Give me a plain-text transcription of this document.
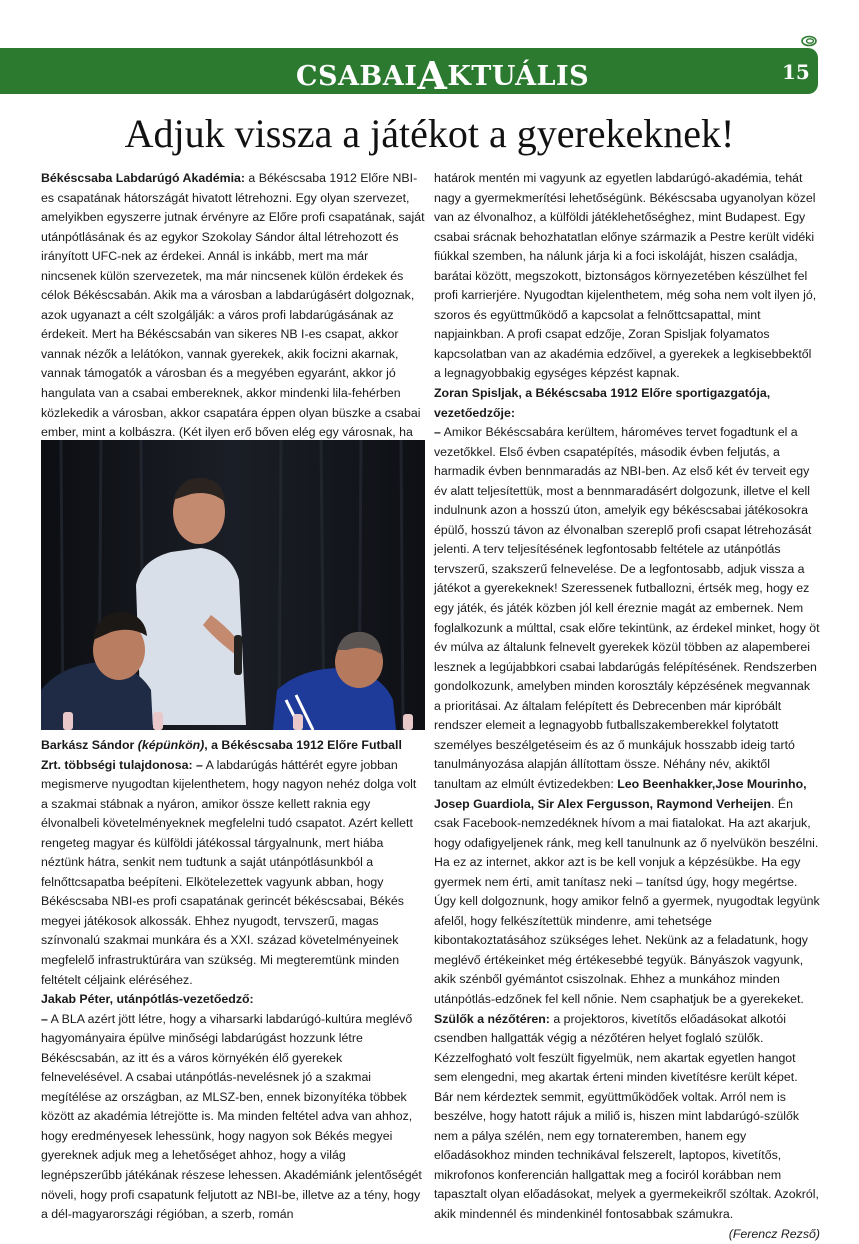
CSABAI A KTUÁLIS	15
Adjuk vissza a játékot a gyerekeknek!

Békéscsaba Labdarúgó Akadémia: a Békéscsaba 1912 Előre NBI-es csapatának hátországát hivatott létrehozni. Egy olyan szervezet, amelyikben egyszerre jutnak érvényre az Előre profi csapatának, saját utánpótlásának és az egykor Szokolay Sándor által létrehozott és irányított UFC-nek az érdekei. Annál is inkább, mert ma már nincsenek külön szervezetek, ma már nincsenek külön érdekek és célok Békéscsabán. Akik ma a városban a labdarúgásért dolgoznak, azok ugyanazt a célt szolgálják: a város profi labdarúgásának az érdekeit. Mert ha Békéscsabán van sikeres NB I-es csapat, akkor vannak nézők a lelátókon, vannak gyerekek, akik focizni akarnak, vannak támogatók a városban és a megyében egyaránt, akkor jó hangulata van a csabai embereknek, akkor mindenki lila-fehérben közlekedik a városban, akkor csapatára éppen olyan büszke a csabai ember, mint a kolbászra. (Két ilyen erő bőven elég egy városnak, ha

Barkász Sándor (képünkön), a Békéscsaba 1912 Előre Futball Zrt. többségi tulajdonosa: – A labdarúgás háttérét egyre jobban megismerve nyugodtan kijelenthetem, hogy nagyon nehéz dolga volt a szakmai stábnak a nyáron, amikor össze kellett raknia egy élvonalbeli követelményeknek megfelelni tudó csapatot. Azért kellett rengeteg magyar és külföldi játékossal tárgyalnunk, mert hiába néztünk hátra, senkit nem tudtunk a saját utánpótlásunkból a felnőttcsapatba beépíteni. Elkötelezettek vagyunk abban, hogy Békéscsaba NBI-es profi csapatának gerincét békéscsabai, Békés megyei játékosok alkossák. Ehhez nyugodt, tervszerű, magas színvonalú szakmai munkára és a XXI. század követelményeinek megfelelő infrastruktúrára van szükség. Mi megteremtünk minden feltételt céljaink eléréséhez.

Jakab Péter, utánpótlás-vezetőedző:

– A BLA azért jött létre, hogy a viharsarki labdarúgó-kultúra meglévő hagyományaira épülve minőségi labdarúgást hozzunk létre Békéscsabán, az itt és a város környékén élő gyerekek felnevelésével. A csabai utánpótlás-nevelésnek jó a szakmai megítélése az országban, az MLSZ-ben, ennek bizonyítéka többek között az akadémia létrejötte is. Ma minden feltétel adva van ahhoz, hogy eredményesek lehessünk, hogy nagyon sok Békés megyei gyereknek adjuk meg a lehetőséget ahhoz, hogy a világ legnépszerűbb játékának részese lehessen. Akadémiánk jelentőségét növeli, hogy profi csapatunk feljutott az NBI-be, illetve az a tény, hogy a dél-magyarországi régióban, a szerb, román

határok mentén mi vagyunk az egyetlen labdarúgó-akadémia, tehát nagy a gyermekmerítési lehetőségünk. Békéscsaba ugyanolyan közel van az élvonalhoz, a külföldi játéklehetőséghez, mint Budapest. Egy csabai srácnak behozhatatlan előnye származik a Pestre került vidéki fiúkkal szemben, ha nálunk járja ki a foci iskoláját, hiszen családja, barátai között, megszokott, biztonságos környezetében készülhet fel profi karrierjére. Nyugodtan kijelenthetem, még soha nem volt ilyen jó, szoros és együttműködő a kapcsolat a felnőttcsapattal, mint napjainkban. A profi csapat edzője, Zoran Spisljak folyamatos kapcsolatban van az akadémia edzőivel, a gyerekek a legkisebbektől a legnagyobbakig egységes képzést kapnak.

Zoran Spisljak, a Békéscsaba 1912 Előre sportigazgatója, vezetőedzője:

– Amikor Békéscsabára kerültem, hároméves tervet fogadtunk el a vezetőkkel. Első évben csapatépítés, második évben feljutás, a harmadik évben bennmaradás az NBI-ben. Az első két év terveit egy év alatt teljesítettük, most a bennmaradásért dolgozunk, illetve el kell indulnunk azon a hosszú úton, amelyik egy békéscsabai játékosokra épülő, hosszú távon az élvonalban szereplő profi csapat létrehozását jelenti. A terv teljesítésének legfontosabb feltétele az utánpótlás tervszerű, szakszerű felnevelése. De a legfontosabb, adjuk vissza a játékot a gyerekeknek! Szeressenek futballozni, értsék meg, hogy ez egy játék, és játék közben jól kell érezniе magát az embernek. Nem foglalkozunk a múlttal, csak előre tekintünk, az érdekel minket, hogy öt év múlva az általunk felnevelt gyerekek közül többen az alapemberei lesznek a legújabbkori csabai labdarúgás felépítésének. Rendszerben gondolkozunk, amelyben minden korosztály képzésének megvannak a prioritásai. Az általam felépített és Debrecenben már kipróbált rendszer elemeit a legnagyobb futballszakemberekkel folytatott személyes beszélgetéseim és az ő munkájuk hosszabb ideig tartó tanulmányozása alapján állítottam össze. Néhány név, akiktől tanultam az elmúlt évtizedekben: Leo Beenhakker,Jose Mourinho, Josep Guardiola, Sir Alex Fergusson, Raymond Verheijen. Én csak Facebook-nemzedéknek hívom a mai fiatalokat. Ha azt akarjuk, hogy odafigyeljenek ránk, meg kell tanulnunk az ő nyelvükön beszélni. Ha ez az internet, akkor azt is be kell vonjuk a képzésükbe. Ha egy gyermek nem érti, amit tanítasz neki – tanítsd úgy, hogy megértse. Úgy kell dolgoznunk, hogy amikor felnő a gyermek, nyugodtak legyünk afelől, hogy felkészítettük mindenre, ami tehetsége kibontakoztatásához szükséges lehet. Nekünk az a feladatunk, hogy meglévő értékeinket még értékesebbé tegyük. Bányászok vagyunk, akik szénből gyémántot csiszolnak. Ehhez a munkához minden utánpótlás-edzőnek fel kell nőnie. Nem csaphatjuk be a gyerekeket.

Szülők a nézőtéren: a projektoros, kivetítős előadásokat alkotói csendben hallgatták végig a nézőtéren helyet foglaló szülők. Kézzelfogható volt feszült figyelmük, nem akartak egyetlen hangot sem elengedni, meg akartak érteni minden kivetítésre került képet. Bár nem kérdeztek semmit, együttműködőek voltak. Arról nem is beszélve, hogy hatott rájuk a miliő is, hiszen mint labdarúgó-szülők nem a pálya szélén, nem egy tornateremben, hanem egy előadásokhoz minden technikával felszerelt, laptopos, kivetítős, mikrofonos konferencián hallgattak meg a fociról korábban nem tapasztalt olyan előadásokat, melyek a gyermekeikről szóltak. Azokról, akik mindennél és mindenkinél fontosabbak számukra.

(Ferencz Rezső)
